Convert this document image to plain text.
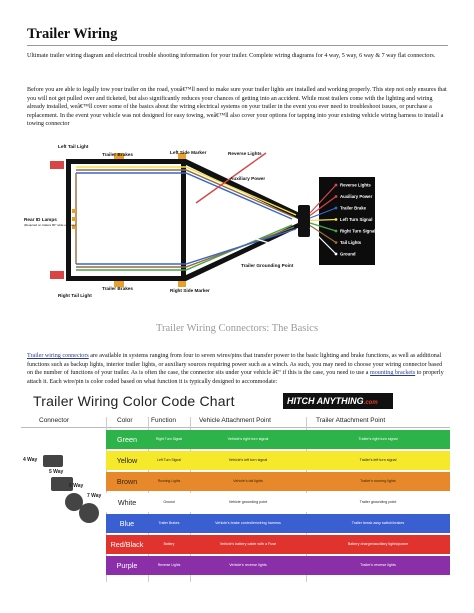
Trailer Wiring
Ultimate trailer wiring diagram and electrical trouble shooting information for your trailer. Complete wiring diagrams for 4 way, 5 way, 6 way & 7 way flat connectors.
Before you are able to legally tow your trailer on the road, youâ€™ll need to make sure your trailer lights are installed and working properly. This step not only ensures that you will not get pulled over and ticketed, but also significantly reduces your chances of getting into an accident. While most trailers come with the lighting and wiring already installed, weâ€™ll cover some of the basics about the wiring electrical systems on your trailer in the event you ever need to troubleshoot issues, or purchase a replacement. In the event your vehicle was not designed for easy towing, weâ€™ll also cover your options for tapping into your existing vehicle wiring harness to install a towing connector
Reverse Lights
Auxiliary Power
Trailer Brake
Left Turn Signal
Right Turn Signal
Tail Lights
Ground
Left Tail Light
Trailer Brakes	Left Side Marker	Reverse Lights
Auxiliary Power
Rear ID Lamps
(Required on trailers 80" wide or more)
Trailer Grounding Point
Right Tail Light
Trailer Brakes	Right Side Marker
Trailer Wiring Connectors: The Basics
Trailer wiring connectors are available in systems ranging from four to seven wires/pins that transfer power to the basic lighting and brake functions, as well as additional functions such as backup lights, interior trailer lights, or auxiliary sources requiring power such as a winch. As such, you may need to choose your wiring connector based on the number of functions of your trailer. As is often the case, the connector sits under your vehicle â€“ if this is the case, you need to use a mounting brackets to properly attach it. Each wire/pin is color coded based on what function it is typically designed to accommodate:
Trailer Wiring Color Code Chart	HITCH ANYTHING.com
Connector	Color	Function	Vehicle Attachment Point	Trailer Attachment Point
4 Way
5 Way
6 Way
7 Way
Green	Right Turn Signal	Vehicle's right turn signal	Trailer's right turn signal
Yellow	Left Turn Signal	Vehicle's left turn signal	Trailer's left turn signal
Brown	Running Lights	Vehicle's tail lights	Trailer's running lights
White	Ground	Vehicle grounding point	Trailer grounding point
Blue	Trailer Brakes	Vehicle's brake controller/wiring harness	Trailer break assy switch/brakes
Red/Black	Battery	Vehicle's battery cable with a Fuse	Battery charger/auxiliary lights/power
Purple	Reverse Lights	Vehicle's reverse lights	Trailer's reverse lights
